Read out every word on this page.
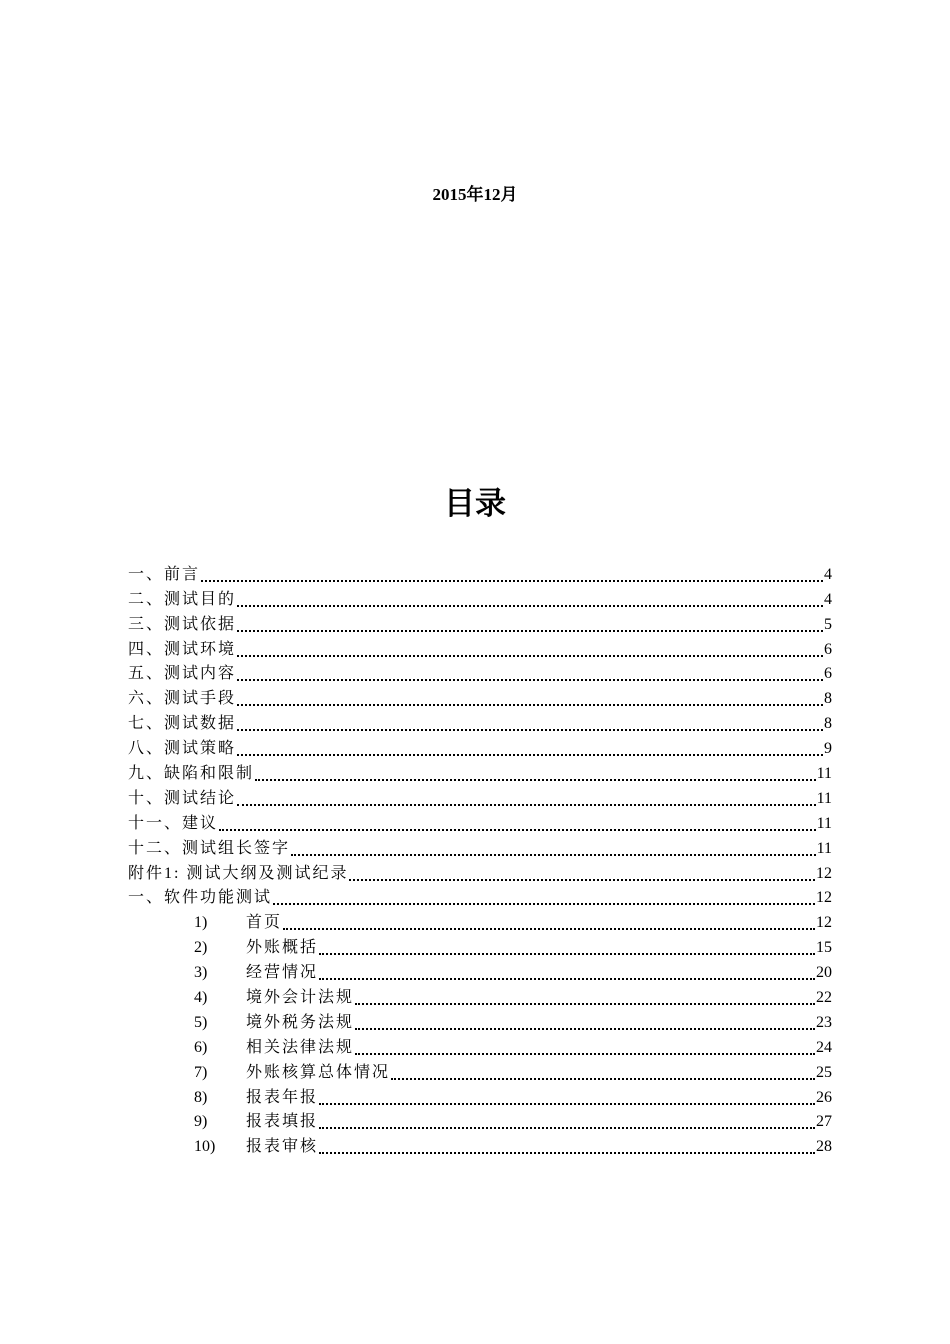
2015年12月
目录
一、前言	4
二、测试目的	4
三、测试依据	5
四、测试环境	6
五、测试内容	6
六、测试手段	8
七、测试数据	8
八、测试策略	9
九、缺陷和限制	11
十、测试结论	11
十一、建议	11
十二、测试组长签字	11
附件1: 测试大纲及测试纪录	12
一、软件功能测试	12
1) 首页	12
2) 外账概括	15
3) 经营情况	20
4) 境外会计法规	22
5) 境外税务法规	23
6) 相关法律法规	24
7) 外账核算总体情况	25
8) 报表年报	26
9) 报表填报	27
10) 报表审核	28
